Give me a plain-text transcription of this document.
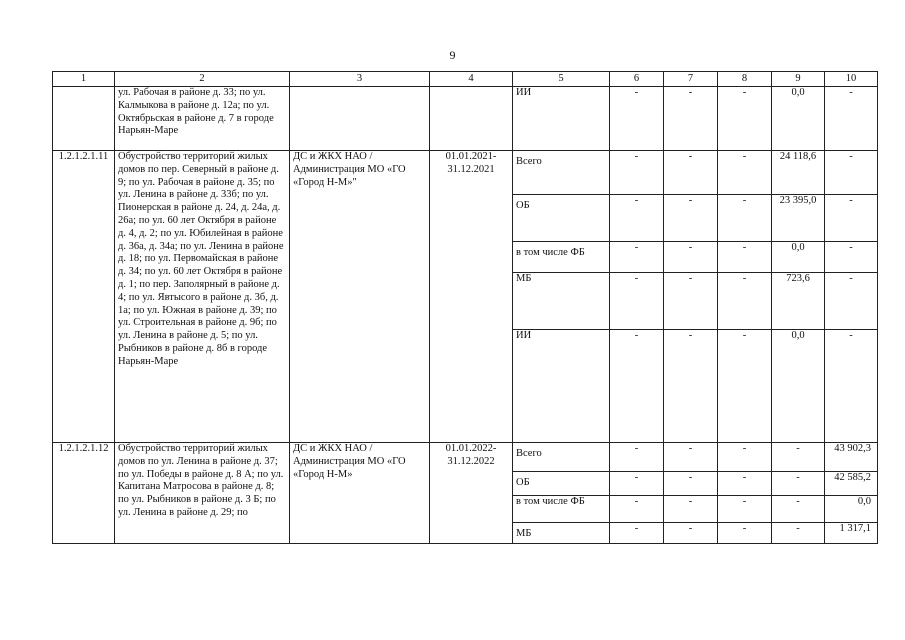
9
1	2	3	4	5	6	7	8	9	10
	ул. Рабочая в районе д. 33; по ул. Калмыкова в районе д. 12а; по ул. Октябрьская в районе д. 7 в городе Нарьян-Маре			ИИ	-	-	-	0,0	-
1.2.1.2.1.11	Обустройство территорий жилых домов по пер. Северный в районе д. 9; по ул. Рабочая в районе д. 35; по ул. Ленина в районе д. 33б; по ул. Пионерская в районе д. 24, д. 24а, д. 26а; по ул. 60 лет Октября в районе д. 4, д. 2; по ул. Юбилейная в районе д. 36а, д. 34а; по ул. Ленина в районе д. 18; по ул. Первомайская в районе д. 34; по ул. 60 лет Октября в районе д. 1; по пер. Заполярный в районе д. 4; по ул. Явтысого в районе д. 3б, д. 1а; по ул. Южная в районе д. 39; по ул. Строительная в районе д. 9б; по ул. Ленина в районе д. 5; по ул. Рыбников в районе д. 8б в городе Нарьян-Маре	ДС и ЖКХ НАО / Администрация МО «ГО «Город Н-М»"	01.01.2021-31.12.2021	Всего	-	-	-	24 118,6	-
				ОБ	-	-	-	23 395,0	-
				в том числе ФБ	-	-	-	0,0	-
				МБ	-	-	-	723,6	-
				ИИ	-	-	-	0,0	-
1.2.1.2.1.12	Обустройство территорий жилых домов по ул. Ленина в районе д. 37; по ул. Победы в районе д. 8 А; по ул. Капитана Матросова в районе д. 8; по ул. Рыбников в районе д. 3 Б; по ул. Ленина в районе д. 29; по	ДС и ЖКХ НАО / Администрация МО «ГО «Город Н-М»	01.01.2022-31.12.2022	Всего	-	-	-	-	43 902,3
				ОБ	-	-	-	-	42 585,2
				в том числе ФБ	-	-	-	-	0,0
				МБ	-	-	-	-	1 317,1
